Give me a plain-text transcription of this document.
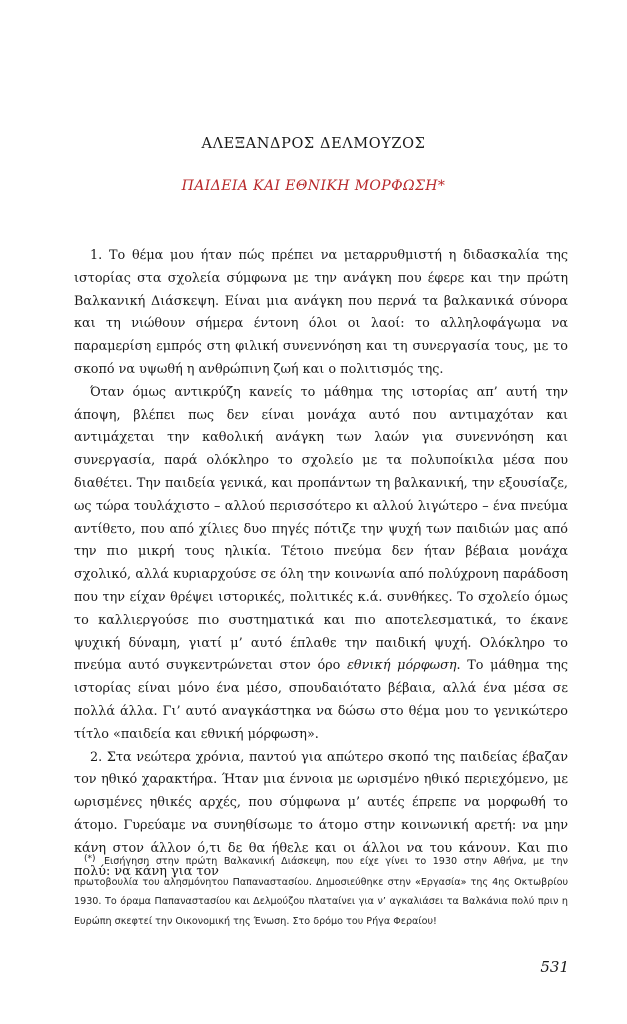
ΑΛΕΞΑΝΔΡΟΣ ΔΕΛΜΟΥΖΟΣ
ΠΑΙΔΕΙΑ ΚΑΙ ΕΘΝΙΚΗ ΜΟΡΦΩΣΗ*

1. Το θέμα μου ήταν πώς πρέπει να μεταρρυθμιστή η διδασκαλία της ιστορίας στα σχολεία σύμφωνα με την ανάγκη που έφερε και την πρώτη Βαλκανική Διάσκεψη. Είναι μια ανάγκη που περνά τα βαλκανικά σύνορα και τη νιώθουν σήμερα έντονη όλοι οι λαοί: το αλληλοφάγωμα να παραμερίση εμπρός στη φιλική συνεννόηση και τη συνεργασία τους, με το σκοπό να υψωθή η ανθρώπινη ζωή και ο πολιτισμός της.

Όταν όμως αντικρύζη κανείς το μάθημα της ιστορίας απ’ αυτή την άποψη, βλέπει πως δεν είναι μονάχα αυτό που αντιμαχόταν και αντιμάχεται την καθολική ανάγκη των λαών για συνεννόηση και συνεργασία, παρά ολόκληρο το σχολείο με τα πολυποίκιλα μέσα που διαθέτει. Την παιδεία γενικά, και προπάντων τη βαλκανική, την εξουσίαζε, ως τώρα τουλάχιστο – αλλού περισσότερο κι αλλού λιγώτερο – ένα πνεύμα αντίθετο, που από χίλιες δυο πηγές πότιζε την ψυχή των παιδιών μας από την πιο μικρή τους ηλικία. Τέτοιο πνεύμα δεν ήταν βέβαια μονάχα σχολικό, αλλά κυριαρχούσε σε όλη την κοινωνία από πολύχρονη παράδοση που την είχαν θρέψει ιστορικές, πολιτικές κ.ά. συνθήκες. Το σχολείο όμως το καλλιεργούσε πιο συστηματικά και πιο αποτελεσματικά, το έκανε ψυχική δύναμη, γιατί μ’ αυτό έπλαθε την παιδική ψυχή. Ολόκληρο το πνεύμα αυτό συγκεντρώνεται στον όρο εθνική μόρφωση. Το μάθημα της ιστορίας είναι μόνο ένα μέσο, σπουδαιότατο βέβαια, αλλά ένα μέσα σε πολλά άλλα. Γι’ αυτό αναγκάστηκα να δώσω στο θέμα μου το γενικώτερο τίτλο «παιδεία και εθνική μόρφωση».

2. Στα νεώτερα χρόνια, παντού για απώτερο σκοπό της παιδείας έβαζαν τον ηθικό χαρακτήρα. Ήταν μια έννοια με ωρισμένο ηθικό περιεχόμενο, με ωρισμένες ηθικές αρχές, που σύμφωνα μ’ αυτές έπρεπε να μορφωθή το άτομο. Γυρεύαμε να συνηθίσωμε το άτομο στην κοινωνική αρετή: να μην κάνη στον άλλον ό,τι δε θα ήθελε και οι άλλοι να του κάνουν. Και πιο πολύ: να κάνη για τον

(*) Εισήγηση στην πρώτη Βαλκανική Διάσκεψη, που είχε γίνει το 1930 στην Αθήνα, με την πρωτοβουλία του αλησμόνητου Παπαναστασίου. Δημοσιεύθηκε στην «Εργασία» της 4ης Οκτωβρίου 1930. Το όραμα Παπαναστασίου και Δελμούζου πλαταίνει για ν’ αγκαλιάσει τα Βαλκάνια πολύ πριν η Ευρώπη σκεφτεί την Οικονομική της Ένωση. Στο δρόμο του Ρήγα Φεραίου!

531
